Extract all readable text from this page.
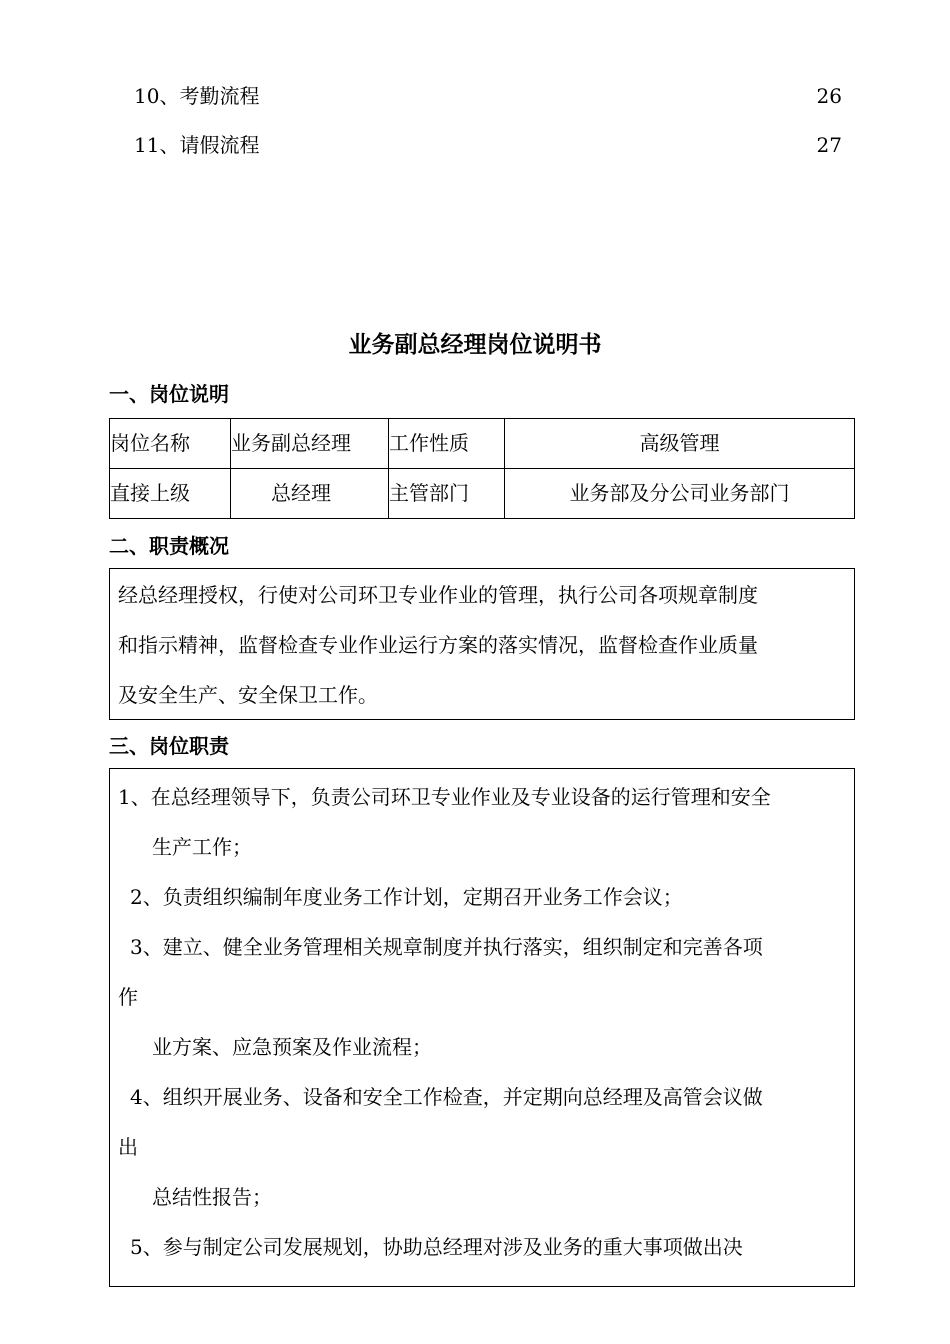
10、考勤流程	26
11、请假流程	27
业务副总经理岗位说明书
一、岗位说明
岗位名称	业务副总经理	工作性质	高级管理
直接上级	总经理	主管部门	业务部及分公司业务部门
二、职责概况
经总经理授权，行使对公司环卫专业作业的管理，执行公司各项规章制度
和指示精神，监督检查专业作业运行方案的落实情况，监督检查作业质量
及安全生产、安全保卫工作。
三、岗位职责
1、在总经理领导下，负责公司环卫专业作业及专业设备的运行管理和安全
生产工作；
2、负责组织编制年度业务工作计划，定期召开业务工作会议；
3、建立、健全业务管理相关规章制度并执行落实，组织制定和完善各项
作
业方案、应急预案及作业流程；
4、组织开展业务、设备和安全工作检查，并定期向总经理及高管会议做
出
总结性报告；
5、参与制定公司发展规划，协助总经理对涉及业务的重大事项做出决
